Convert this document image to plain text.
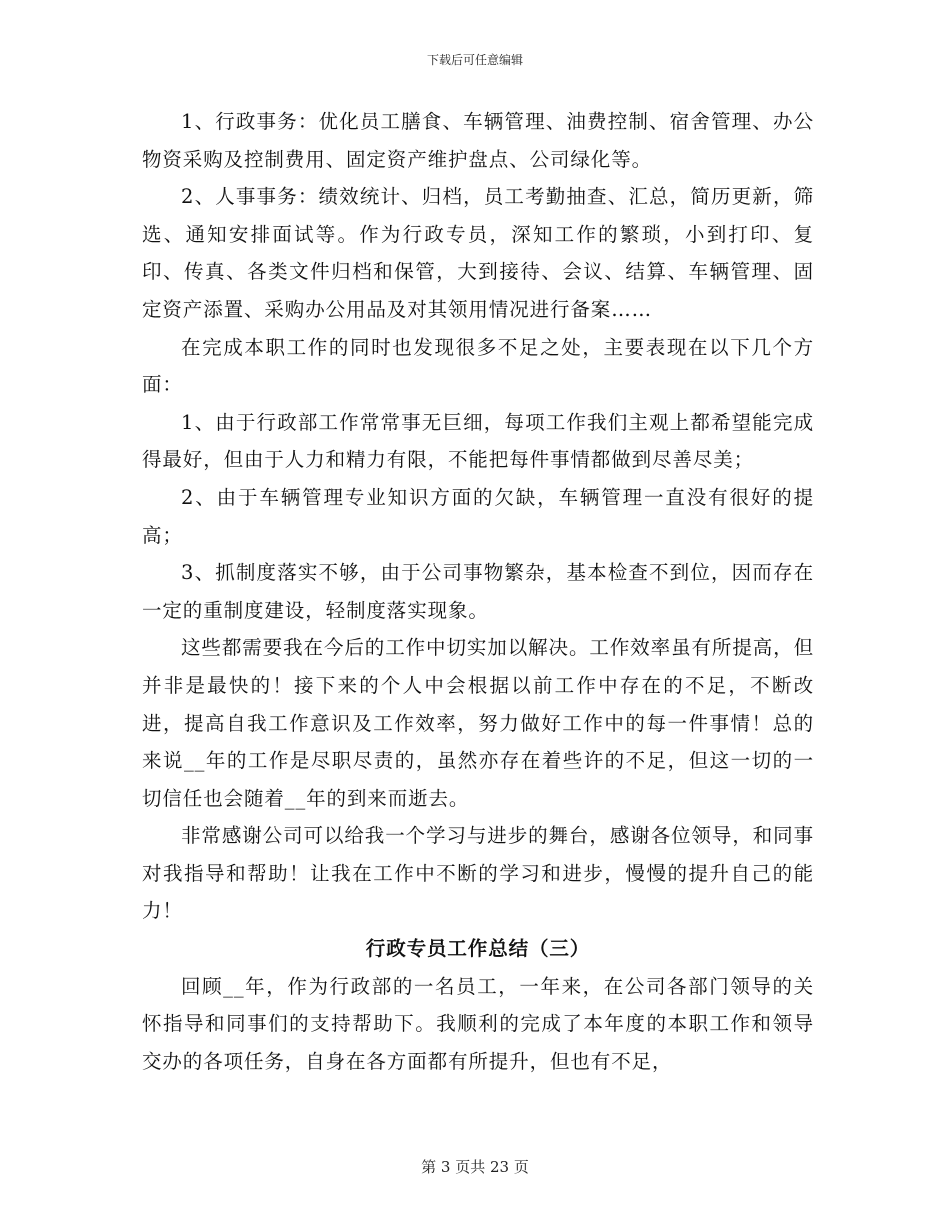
下载后可任意编辑

1、行政事务：优化员工膳食、车辆管理、油费控制、宿舍管理、办公物资采购及控制费用、固定资产维护盘点、公司绿化等。

2、人事事务：绩效统计、归档，员工考勤抽查、汇总，简历更新，筛选、通知安排面试等。作为行政专员，深知工作的繁琐，小到打印、复印、传真、各类文件归档和保管，大到接待、会议、结算、车辆管理、固定资产添置、采购办公用品及对其领用情况进行备案……

在完成本职工作的同时也发现很多不足之处，主要表现在以下几个方面：

1、由于行政部工作常常事无巨细，每项工作我们主观上都希望能完成得最好，但由于人力和精力有限，不能把每件事情都做到尽善尽美；

2、由于车辆管理专业知识方面的欠缺，车辆管理一直没有很好的提高；

3、抓制度落实不够，由于公司事物繁杂，基本检查不到位，因而存在一定的重制度建设，轻制度落实现象。

这些都需要我在今后的工作中切实加以解决。工作效率虽有所提高，但并非是最快的！接下来的个人中会根据以前工作中存在的不足，不断改进，提高自我工作意识及工作效率，努力做好工作中的每一件事情！总的来说__年的工作是尽职尽责的，虽然亦存在着些许的不足，但这一切的一切信任也会随着__年的到来而逝去。

非常感谢公司可以给我一个学习与进步的舞台，感谢各位领导，和同事对我指导和帮助！让我在工作中不断的学习和进步，慢慢的提升自己的能力！

行政专员工作总结（三）

回顾__年，作为行政部的一名员工，一年来，在公司各部门领导的关怀指导和同事们的支持帮助下。我顺利的完成了本年度的本职工作和领导交办的各项任务，自身在各方面都有所提升，但也有不足，

第 3 页共 23 页
